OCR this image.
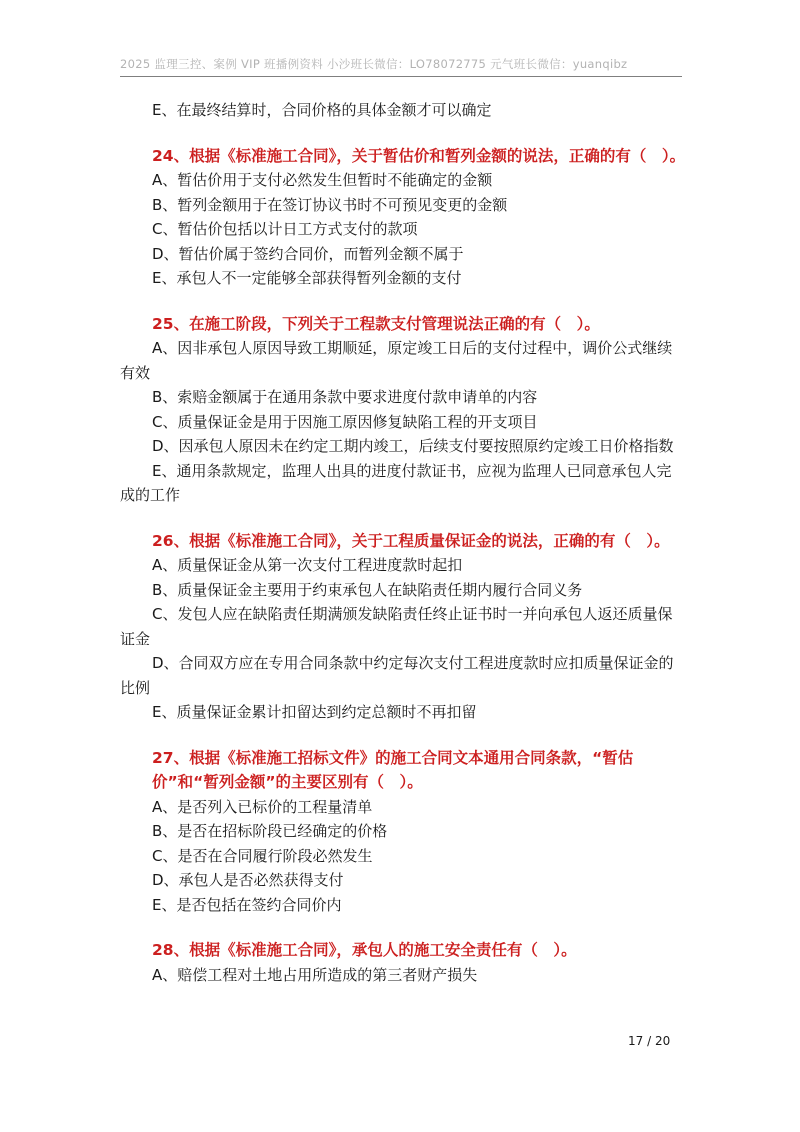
2025 监理三控、案例 VIP 班播例资料 小沙班长微信：LO78072775 元气班长微信：yuanqibz
E、在最终结算时，合同价格的具体金额才可以确定
24、根据《标准施工合同》，关于暂估价和暂列金额的说法，正确的有（　）。
A、暂估价用于支付必然发生但暂时不能确定的金额
B、暂列金额用于在签订协议书时不可预见变更的金额
C、暂估价包括以计日工方式支付的款项
D、暂估价属于签约合同价，而暂列金额不属于
E、承包人不一定能够全部获得暂列金额的支付
25、在施工阶段，下列关于工程款支付管理说法正确的有（　）。
A、因非承包人原因导致工期顺延，原定竣工日后的支付过程中，调价公式继续有效
B、索赔金额属于在通用条款中要求进度付款申请单的内容
C、质量保证金是用于因施工原因修复缺陷工程的开支项目
D、因承包人原因未在约定工期内竣工，后续支付要按照原约定竣工日价格指数
E、通用条款规定，监理人出具的进度付款证书，应视为监理人已同意承包人完成的工作
26、根据《标准施工合同》，关于工程质量保证金的说法，正确的有（　）。
A、质量保证金从第一次支付工程进度款时起扣
B、质量保证金主要用于约束承包人在缺陷责任期内履行合同义务
C、发包人应在缺陷责任期满颁发缺陷责任终止证书时一并向承包人返还质量保证金
D、合同双方应在专用合同条款中约定每次支付工程进度款时应扣质量保证金的比例
E、质量保证金累计扣留达到约定总额时不再扣留
27、根据《标准施工招标文件》的施工合同文本通用合同条款，“暂估价”和“暂列金额”的主要区别有（　）。
A、是否列入已标价的工程量清单
B、是否在招标阶段已经确定的价格
C、是否在合同履行阶段必然发生
D、承包人是否必然获得支付
E、是否包括在签约合同价内
28、根据《标准施工合同》，承包人的施工安全责任有（　）。
A、赔偿工程对土地占用所造成的第三者财产损失
17 / 20
